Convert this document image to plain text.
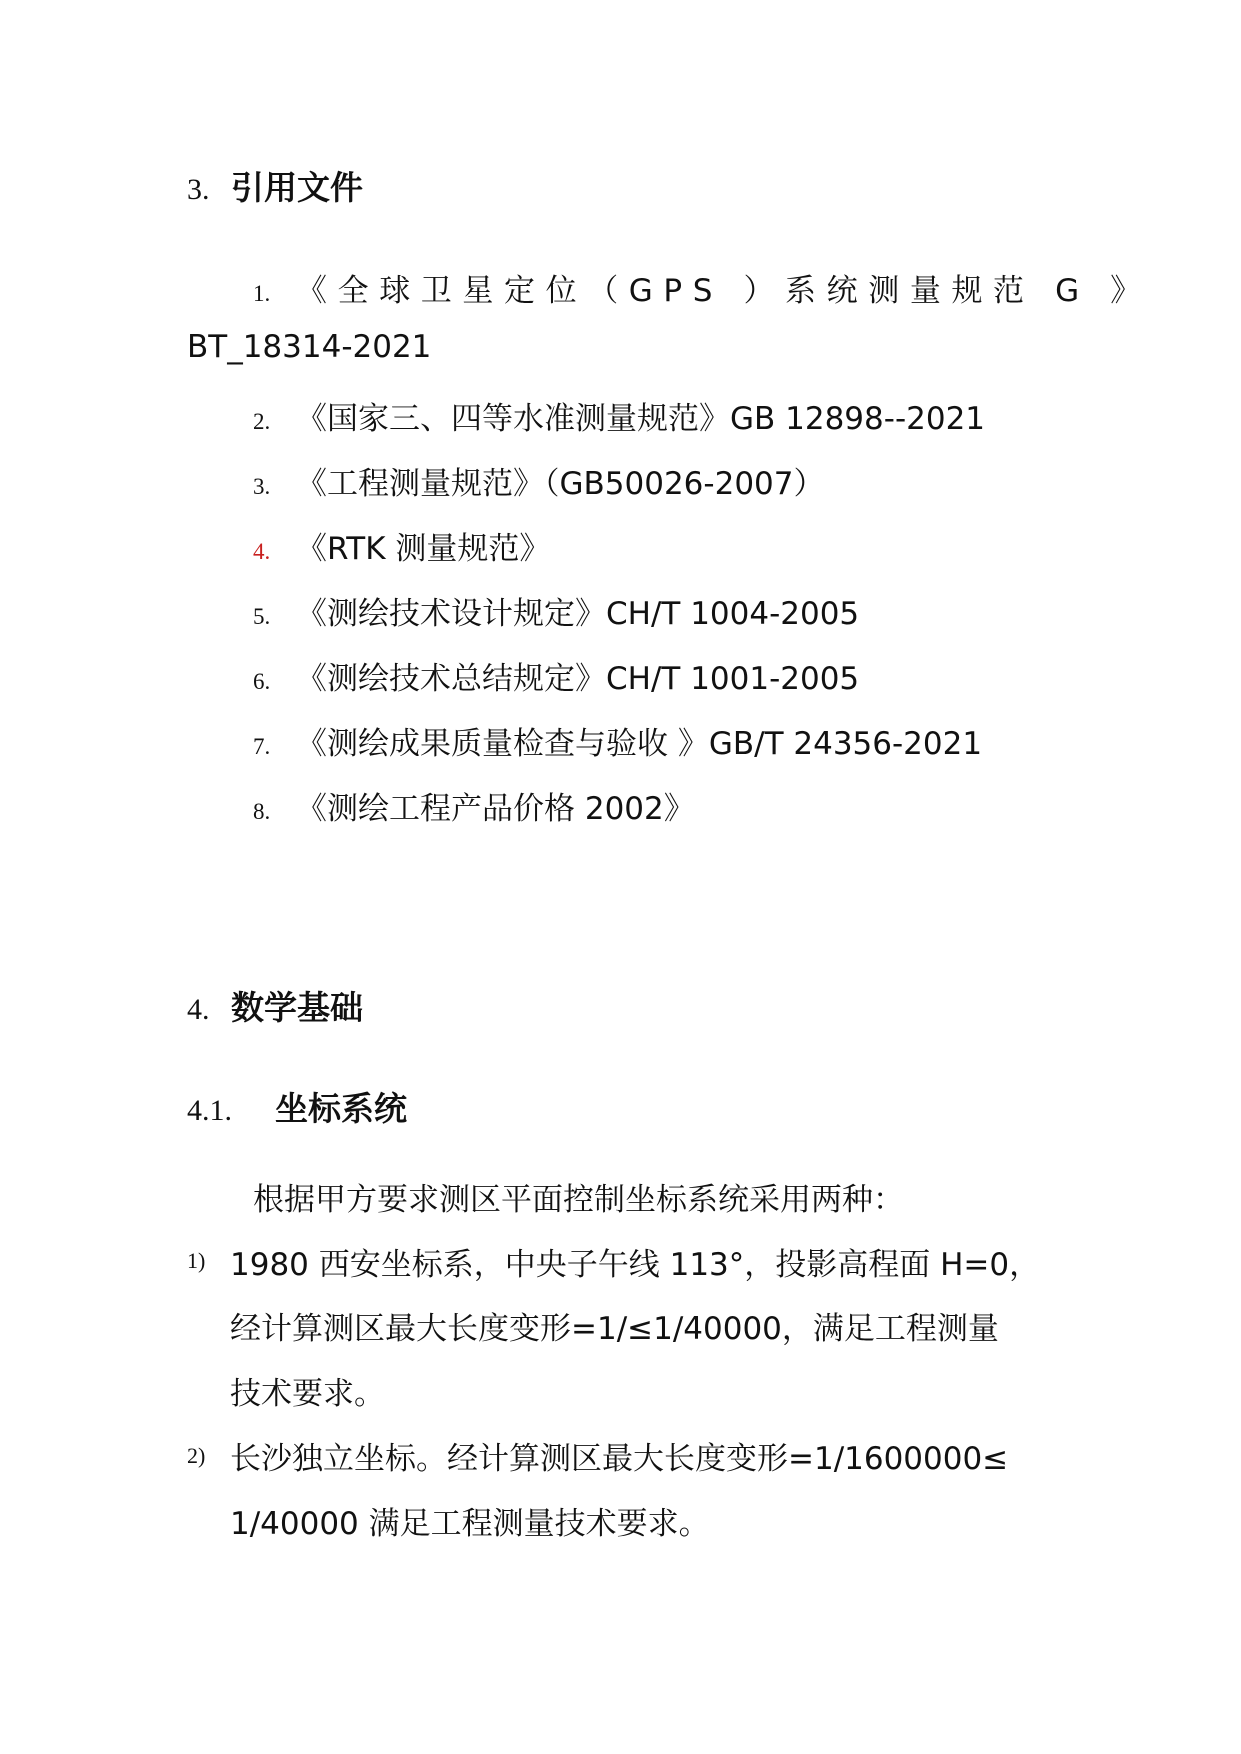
3. 引用文件
1. 《全球卫星定位（GPS ）系统测量规范 G 》
BT_18314-2021
2. 《国家三、四等水准测量规范》GB 12898--2021
3. 《工程测量规范》（GB50026-2007）
4. 《RTK 测量规范》
5. 《测绘技术设计规定》CH/T 1004-2005
6. 《测绘技术总结规定》CH/T 1001-2005
7. 《测绘成果质量检查与验收 》GB/T 24356-2021
8. 《测绘工程产品价格 2002》
4. 数学基础
4.1. 坐标系统
根据甲方要求测区平面控制坐标系统采用两种：
1) 1980 西安坐标系，中央子午线 113°，投影高程面 H=0，
经计算测区最大长度变形=1/≤1/40000，满足工程测量
技术要求。
2) 长沙独立坐标。经计算测区最大长度变形=1/1600000≤
1/40000 满足工程测量技术要求。
